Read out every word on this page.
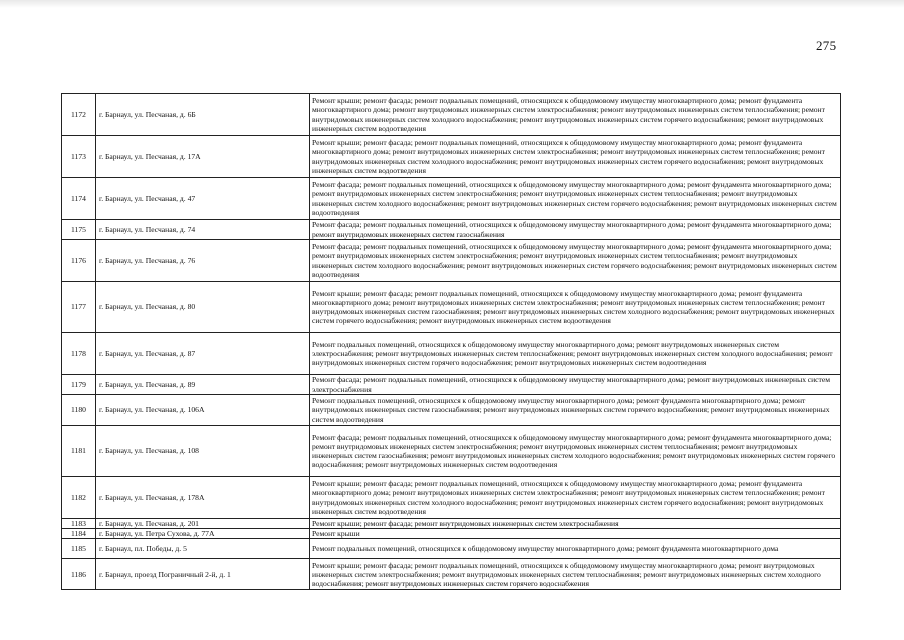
275
1172	г. Барнаул, ул. Песчаная, д. 6Б	Ремонт крыши; ремонт фасада; ремонт подвальных помещений, относящихся к общедомовому имуществу многоквартирного дома; ремонт фундамента многоквартирного дома; ремонт внутридомовых инженерных систем электроснабжения; ремонт внутридомовых инженерных систем теплоснабжения; ремонт внутридомовых инженерных систем холодного водоснабжения; ремонт внутридомовых инженерных систем горячего водоснабжения; ремонт внутридомовых инженерных систем водоотведения
1173	г. Барнаул, ул. Песчаная, д. 17А	Ремонт крыши; ремонт фасада; ремонт подвальных помещений, относящихся к общедомовому имуществу многоквартирного дома; ремонт фундамента многоквартирного дома; ремонт внутридомовых инженерных систем электроснабжения; ремонт внутридомовых инженерных систем теплоснабжения; ремонт внутридомовых инженерных систем холодного водоснабжения; ремонт внутридомовых инженерных систем горячего водоснабжения; ремонт внутридомовых инженерных систем водоотведения
1174	г. Барнаул, ул. Песчаная, д. 47	Ремонт фасада; ремонт подвальных помещений, относящихся к общедомовому имуществу многоквартирного дома; ремонт фундамента многоквартирного дома; ремонт внутридомовых инженерных систем электроснабжения; ремонт внутридомовых инженерных систем теплоснабжения; ремонт внутридомовых инженерных систем холодного водоснабжения; ремонт внутридомовых инженерных систем горячего водоснабжения; ремонт внутридомовых инженерных систем водоотведения
1175	г. Барнаул, ул. Песчаная, д. 74	Ремонт фасада; ремонт подвальных помещений, относящихся к общедомовому имуществу многоквартирного дома; ремонт фундамента многоквартирного дома; ремонт внутридомовых инженерных систем газоснабжения
1176	г. Барнаул, ул. Песчаная, д. 76	Ремонт фасада; ремонт подвальных помещений, относящихся к общедомовому имуществу многоквартирного дома; ремонт фундамента многоквартирного дома; ремонт внутридомовых инженерных систем электроснабжения; ремонт внутридомовых инженерных систем теплоснабжения; ремонт внутридомовых инженерных систем холодного водоснабжения; ремонт внутридомовых инженерных систем горячего водоснабжения; ремонт внутридомовых инженерных систем водоотведения
1177	г. Барнаул, ул. Песчаная, д. 80	Ремонт крыши; ремонт фасада; ремонт подвальных помещений, относящихся к общедомовому имуществу многоквартирного дома; ремонт фундамента многоквартирного дома; ремонт внутридомовых инженерных систем электроснабжения; ремонт внутридомовых инженерных систем теплоснабжения; ремонт внутридомовых инженерных систем газоснабжения; ремонт внутридомовых инженерных систем холодного водоснабжения; ремонт внутридомовых инженерных систем горячего водоснабжения; ремонт внутридомовых инженерных систем водоотведения
1178	г. Барнаул, ул. Песчаная, д. 87	Ремонт подвальных помещений, относящихся к общедомовому имуществу многоквартирного дома; ремонт внутридомовых инженерных систем электроснабжения; ремонт внутридомовых инженерных систем теплоснабжения; ремонт внутридомовых инженерных систем холодного водоснабжения; ремонт внутридомовых инженерных систем горячего водоснабжения; ремонт внутридомовых инженерных систем водоотведения
1179	г. Барнаул, ул. Песчаная, д. 89	Ремонт фасада; ремонт подвальных помещений, относящихся к общедомовому имуществу многоквартирного дома; ремонт внутридомовых инженерных систем электроснабжения
1180	г. Барнаул, ул. Песчаная, д. 106А	Ремонт подвальных помещений, относящихся к общедомовому имуществу многоквартирного дома; ремонт фундамента многоквартирного дома; ремонт внутридомовых инженерных систем газоснабжения; ремонт внутридомовых инженерных систем горячего водоснабжения; ремонт внутридомовых инженерных систем водоотведения
1181	г. Барнаул, ул. Песчаная, д. 108	Ремонт фасада; ремонт подвальных помещений, относящихся к общедомовому имуществу многоквартирного дома; ремонт фундамента многоквартирного дома; ремонт внутридомовых инженерных систем электроснабжения; ремонт внутридомовых инженерных систем теплоснабжения; ремонт внутридомовых инженерных систем газоснабжения; ремонт внутридомовых инженерных систем холодного водоснабжения; ремонт внутридомовых инженерных систем горячего водоснабжения; ремонт внутридомовых инженерных систем водоотведения
1182	г. Барнаул, ул. Песчаная, д. 178А	Ремонт крыши; ремонт фасада; ремонт подвальных помещений, относящихся к общедомовому имуществу многоквартирного дома; ремонт фундамента многоквартирного дома; ремонт внутридомовых инженерных систем электроснабжения; ремонт внутридомовых инженерных систем теплоснабжения; ремонт внутридомовых инженерных систем холодного водоснабжения; ремонт внутридомовых инженерных систем горячего водоснабжения; ремонт внутридомовых инженерных систем водоотведения
1183	г. Барнаул, ул. Песчаная, д. 201	Ремонт крыши; ремонт фасада; ремонт внутридомовых инженерных систем электроснабжения
1184	г. Барнаул, ул. Петра Сухова, д. 77А	Ремонт крыши
1185	г. Барнаул, пл. Победы, д. 5	Ремонт подвальных помещений, относящихся к общедомовому имуществу многоквартирного дома; ремонт фундамента многоквартирного дома
1186	г. Барнаул, проезд Пограничный 2-й, д. 1	Ремонт крыши; ремонт фасада; ремонт подвальных помещений, относящихся к общедомовому имуществу многоквартирного дома; ремонт внутридомовых инженерных систем электроснабжения; ремонт внутридомовых инженерных систем теплоснабжения; ремонт внутридомовых инженерных систем холодного водоснабжения; ремонт внутридомовых инженерных систем горячего водоснабжения
